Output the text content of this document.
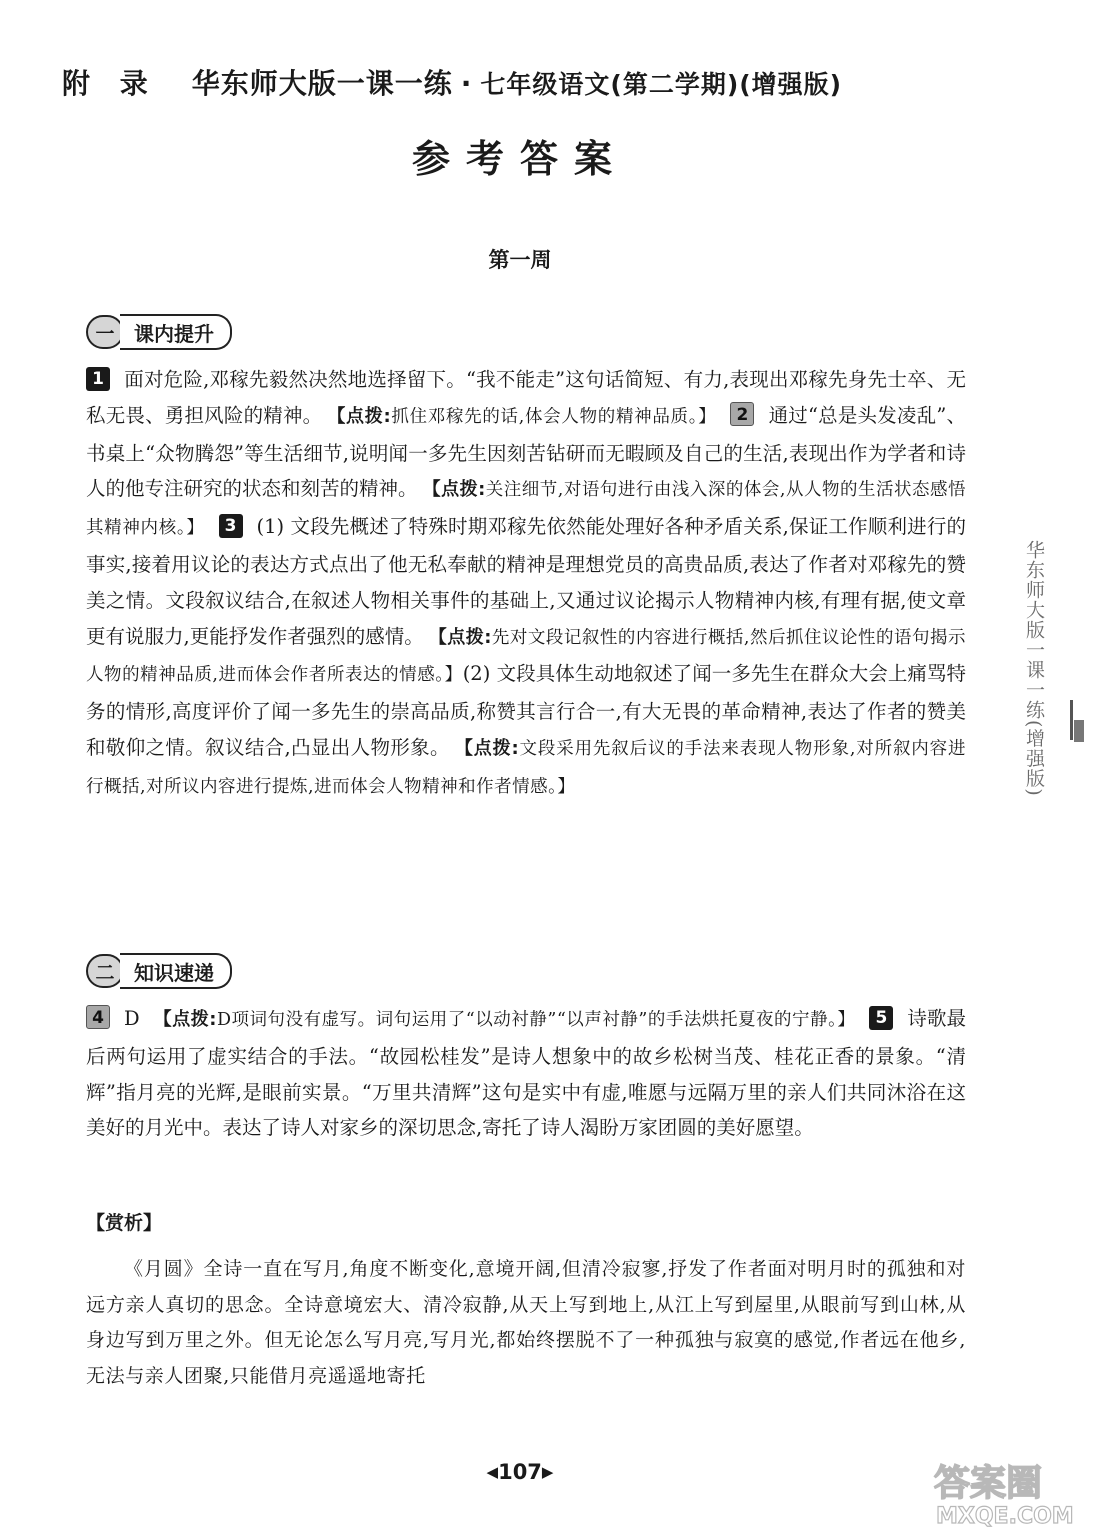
附 录 华东师大版一课一练 · 七年级语文(第二学期)(增强版)
参考答案
第一周
一 课内提升
1 面对危险,邓稼先毅然决然地选择留下。“我不能走”这句话简短、有力,表现出邓稼先身先士卒、无私无畏、勇担风险的精神。 【点拨:抓住邓稼先的话,体会人物的精神品质。】 2 通过“总是头发凌乱”、书桌上“众物腾怨”等生活细节,说明闻一多先生因刻苦钻研而无暇顾及自己的生活,表现出作为学者和诗人的他专注研究的状态和刻苦的精神。 【点拨:关注细节,对语句进行由浅入深的体会,从人物的生活状态感悟其精神内核。】 3 (1) 文段先概述了特殊时期邓稼先依然能处理好各种矛盾关系,保证工作顺利进行的事实,接着用议论的表达方式点出了他无私奉献的精神是理想党员的高贵品质,表达了作者对邓稼先的赞美之情。文段叙议结合,在叙述人物相关事件的基础上,又通过议论揭示人物精神内核,有理有据,使文章更有说服力,更能抒发作者强烈的感情。 【点拨:先对文段记叙性的内容进行概括,然后抓住议论性的语句揭示人物的精神品质,进而体会作者所表达的情感。】(2) 文段具体生动地叙述了闻一多先生在群众大会上痛骂特务的情形,高度评价了闻一多先生的崇高品质,称赞其言行合一,有大无畏的革命精神,表达了作者的赞美和敬仰之情。叙议结合,凸显出人物形象。 【点拨:文段采用先叙后议的手法来表现人物形象,对所叙内容进行概括,对所议内容进行提炼,进而体会人物精神和作者情感。】
二 知识速递
4 D 【点拨:D项词句没有虚写。词句运用了“以动衬静”“以声衬静”的手法烘托夏夜的宁静。】 5 诗歌最后两句运用了虚实结合的手法。“故园松桂发”是诗人想象中的故乡松树当茂、桂花正香的景象。“清辉”指月亮的光辉,是眼前实景。“万里共清辉”这句是实中有虚,唯愿与远隔万里的亲人们共同沐浴在这美好的月光中。表达了诗人对家乡的深切思念,寄托了诗人渴盼万家团圆的美好愿望。
【赏析】
《月圆》全诗一直在写月,角度不断变化,意境开阔,但清冷寂寥,抒发了作者面对明月时的孤独和对远方亲人真切的思念。全诗意境宏大、清冷寂静,从天上写到地上,从江上写到屋里,从眼前写到山林,从身边写到万里之外。但无论怎么写月亮,写月光,都始终摆脱不了一种孤独与寂寞的感觉,作者远在他乡,无法与亲人团聚,只能借月亮遥遥地寄托
华东师大版一课一练(增强版)
◀107▶	答案圈
MXQE.COM
